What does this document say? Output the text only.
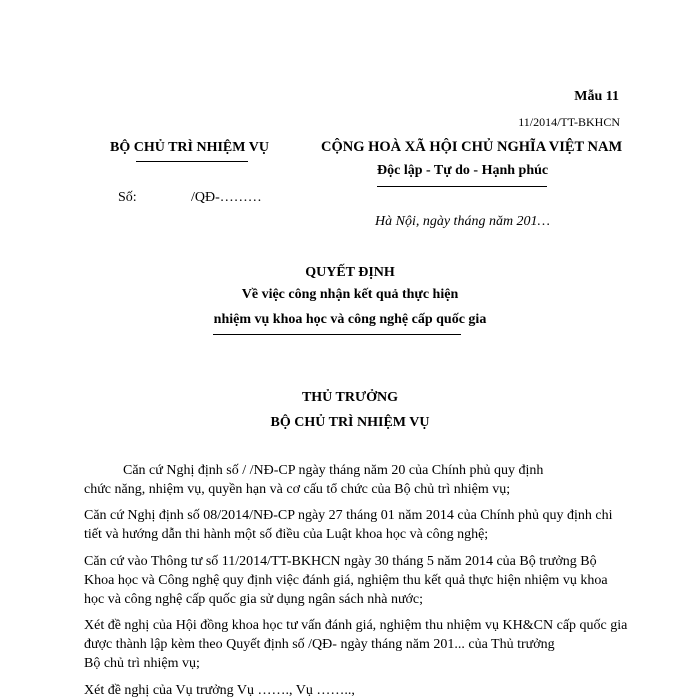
Mẫu 11
11/2014/TT-BKHCN
BỘ CHỦ TRÌ NHIỆM VỤ	CỘNG HOÀ XÃ HỘI CHỦ NGHĨA VIỆT NAM
Độc lập - Tự do - Hạnh phúc
Số:	/QĐ-………
Hà Nội, ngày tháng năm 201…
QUYẾT ĐỊNH
Về việc công nhận kết quả thực hiện
nhiệm vụ khoa học và công nghệ cấp quốc gia
THỦ TRƯỞNG
BỘ CHỦ TRÌ NHIỆM VỤ
Căn cứ Nghị định số / /NĐ-CP ngày tháng năm 20 của Chính phủ quy định
chức năng, nhiệm vụ, quyền hạn và cơ cấu tổ chức của Bộ chủ trì nhiệm vụ;
Căn cứ Nghị định số 08/2014/NĐ-CP ngày 27 tháng 01 năm 2014 của Chính phủ quy định chi
tiết và hướng dẫn thi hành một số điều của Luật khoa học và công nghệ;
Căn cứ vào Thông tư số 11/2014/TT-BKHCN ngày 30 tháng 5 năm 2014 của Bộ trưởng Bộ
Khoa học và Công nghệ quy định việc đánh giá, nghiệm thu kết quả thực hiện nhiệm vụ khoa
học và công nghệ cấp quốc gia sử dụng ngân sách nhà nước;
Xét đề nghị của Hội đồng khoa học tư vấn đánh giá, nghiệm thu nhiệm vụ KH&CN cấp quốc gia
được thành lập kèm theo Quyết định số /QĐ- ngày tháng năm 201... của Thủ trưởng
Bộ chủ trì nhiệm vụ;
Xét đề nghị của Vụ trưởng Vụ ……., Vụ ……..,
